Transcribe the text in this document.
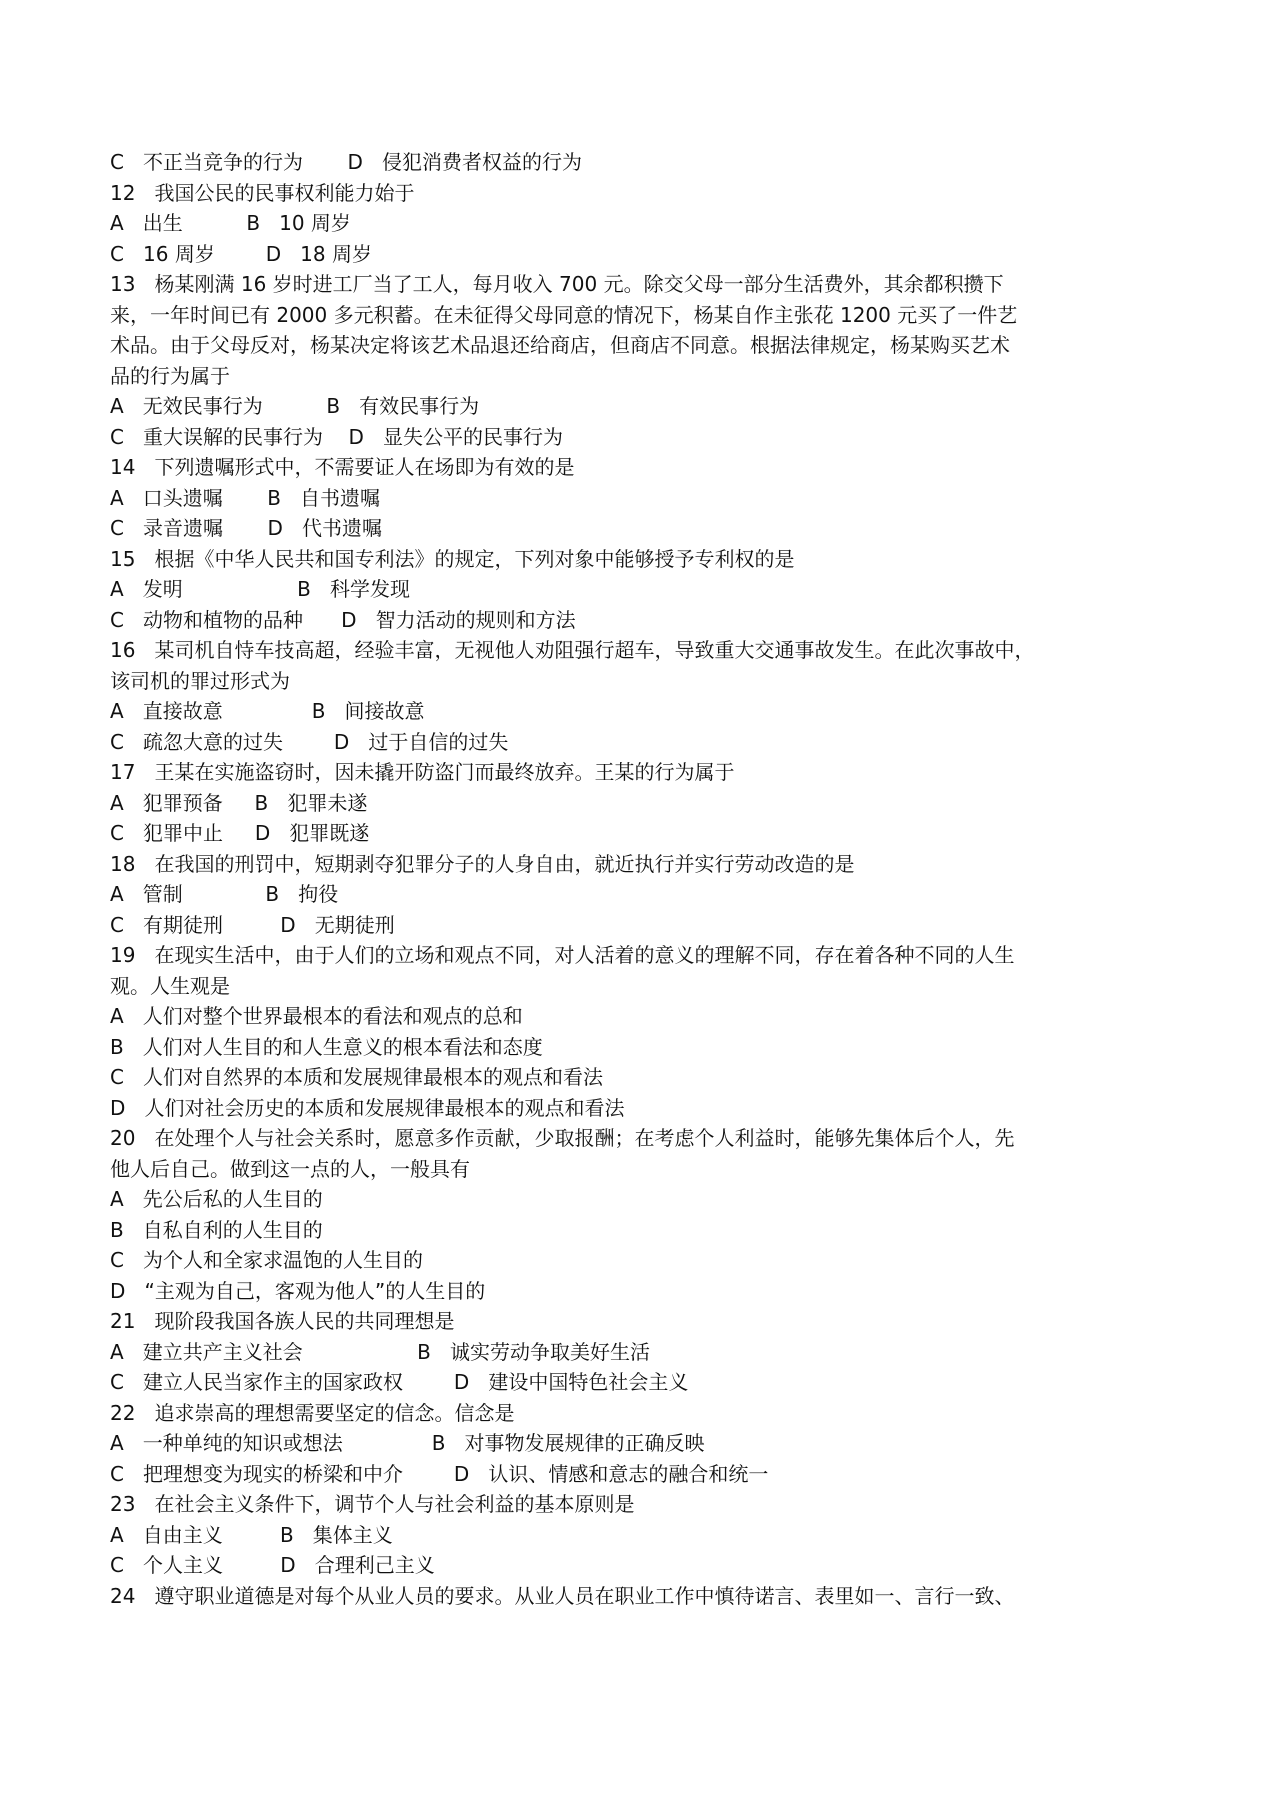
C   不正当竞争的行为       D   侵犯消费者权益的行为
12   我国公民的民事权利能力始于
A   出生          B   10 周岁
C   16 周岁        D   18 周岁
13   杨某刚满 16 岁时进工厂当了工人，每月收入 700 元。除交父母一部分生活费外，其余都积攒下
来，一年时间已有 2000 多元积蓄。在未征得父母同意的情况下，杨某自作主张花 1200 元买了一件艺
术品。由于父母反对，杨某决定将该艺术品退还给商店，但商店不同意。根据法律规定，杨某购买艺术
品的行为属于
A   无效民事行为          B   有效民事行为
C   重大误解的民事行为    D   显失公平的民事行为
14   下列遗嘱形式中，不需要证人在场即为有效的是
A   口头遗嘱       B   自书遗嘱
C   录音遗嘱       D   代书遗嘱
15   根据《中华人民共和国专利法》的规定，下列对象中能够授予专利权的是
A   发明                  B   科学发现
C   动物和植物的品种      D   智力活动的规则和方法
16   某司机自恃车技高超，经验丰富，无视他人劝阻强行超车，导致重大交通事故发生。在此次事故中，
该司机的罪过形式为
A   直接故意              B   间接故意
C   疏忽大意的过失        D   过于自信的过失
17   王某在实施盗窃时，因未撬开防盗门而最终放弃。王某的行为属于
A   犯罪预备     B   犯罪未遂
C   犯罪中止     D   犯罪既遂
18   在我国的刑罚中，短期剥夺犯罪分子的人身自由，就近执行并实行劳动改造的是
A   管制             B   拘役
C   有期徒刑         D   无期徒刑
19   在现实生活中，由于人们的立场和观点不同，对人活着的意义的理解不同，存在着各种不同的人生
观。人生观是
A   人们对整个世界最根本的看法和观点的总和
B   人们对人生目的和人生意义的根本看法和态度
C   人们对自然界的本质和发展规律最根本的观点和看法
D   人们对社会历史的本质和发展规律最根本的观点和看法
20   在处理个人与社会关系时，愿意多作贡献，少取报酬；在考虑个人利益时，能够先集体后个人，先
他人后自己。做到这一点的人，一般具有
A   先公后私的人生目的
B   自私自利的人生目的
C   为个人和全家求温饱的人生目的
D   “主观为自己，客观为他人”的人生目的
21   现阶段我国各族人民的共同理想是
A   建立共产主义社会                  B   诚实劳动争取美好生活
C   建立人民当家作主的国家政权        D   建设中国特色社会主义
22   追求崇高的理想需要坚定的信念。信念是
A   一种单纯的知识或想法              B   对事物发展规律的正确反映
C   把理想变为现实的桥梁和中介        D   认识、情感和意志的融合和统一
23   在社会主义条件下，调节个人与社会利益的基本原则是
A   自由主义         B   集体主义
C   个人主义         D   合理利己主义
24   遵守职业道德是对每个从业人员的要求。从业人员在职业工作中慎待诺言、表里如一、言行一致、
